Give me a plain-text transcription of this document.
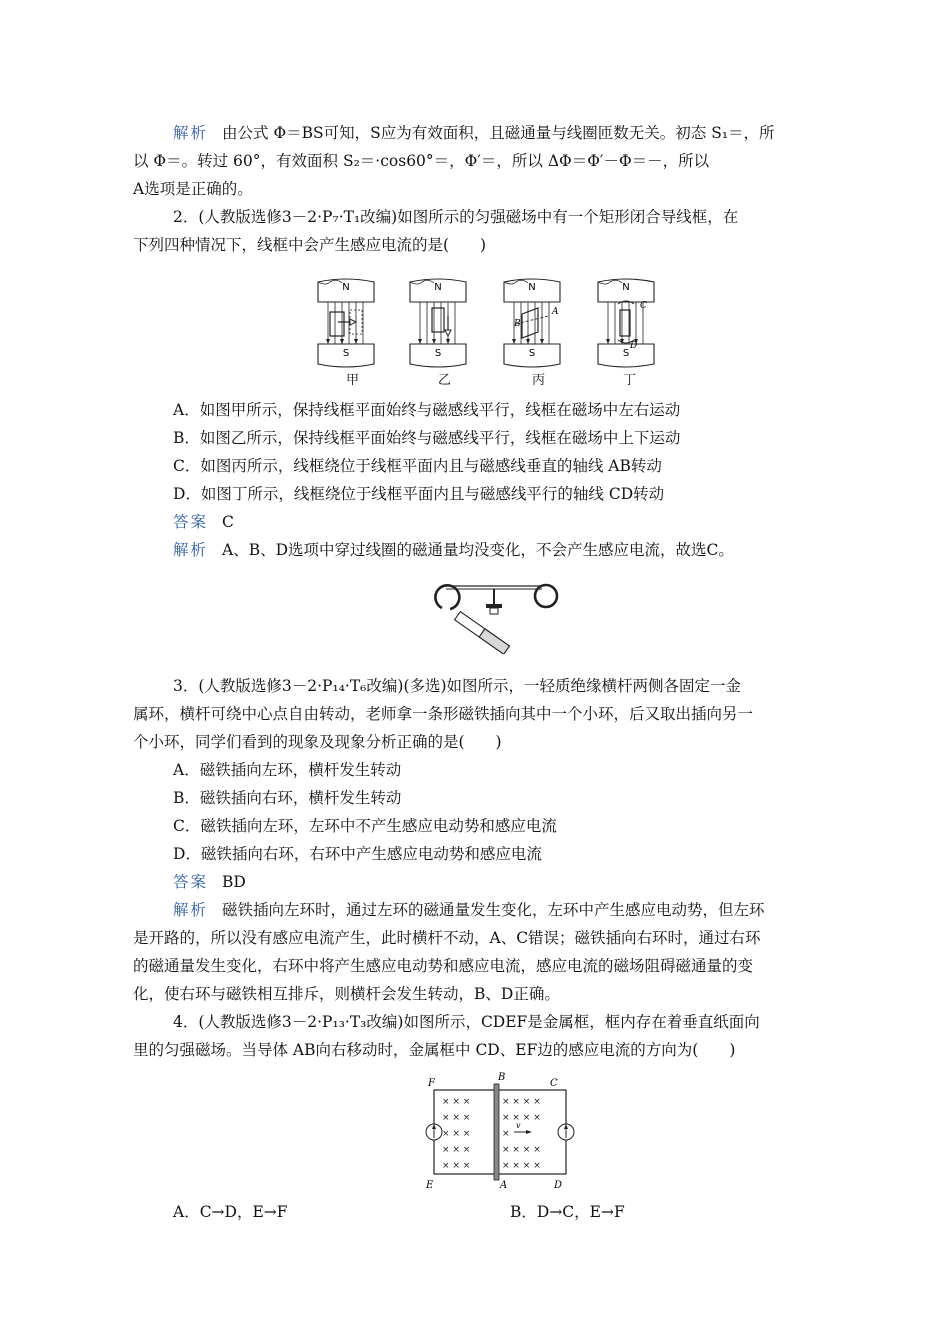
解析 由公式 Φ＝BS可知，S应为有效面积，且磁通量与线圈匝数无关。初态 S₁＝，所
以 Φ＝。转过 60°，有效面积 S₂＝·cos60°＝，Φ′＝，所以 ΔΦ＝Φ′－Φ＝－，所以
A选项是正确的。
2．(人教版选修3－2·P₇·T₁改编)如图所示的匀强磁场中有一个矩形闭合导线框，在
下列四种情况下，线框中会产生感应电流的是(　　)
N	N	N	N
S	S	S	S
B
A
C
D
甲	乙	丙	丁
A．如图甲所示，保持线框平面始终与磁感线平行，线框在磁场中左右运动
B．如图乙所示，保持线框平面始终与磁感线平行，线框在磁场中上下运动
C．如图丙所示，线框绕位于线框平面内且与磁感线垂直的轴线 AB转动
D．如图丁所示，线框绕位于线框平面内且与磁感线平行的轴线 CD转动
答案 C
解析 A、B、D选项中穿过线圈的磁通量均没变化，不会产生感应电流，故选C。
3．(人教版选修3－2·P₁₄·T₆改编)(多选)如图所示，一轻质绝缘横杆两侧各固定一金
属环，横杆可绕中心点自由转动，老师拿一条形磁铁插向其中一个小环，后又取出插向另一
个小环，同学们看到的现象及现象分析正确的是(　　)
A．磁铁插向左环，横杆发生转动
B．磁铁插向右环，横杆发生转动
C．磁铁插向左环，左环中不产生感应电动势和感应电流
D．磁铁插向右环，右环中产生感应电动势和感应电流
答案 BD
解析 磁铁插向左环时，通过左环的磁通量发生变化，左环中产生感应电动势，但左环
是开路的，所以没有感应电流产生，此时横杆不动，A、C错误；磁铁插向右环时，通过右环
的磁通量发生变化，右环中将产生感应电动势和感应电流，感应电流的磁场阻碍磁通量的变
化，使右环与磁铁相互排斥，则横杆会发生转动，B、D正确。
4．(人教版选修3－2·P₁₃·T₃改编)如图所示，CDEF是金属框，框内存在着垂直纸面向
里的匀强磁场。当导体 AB向右移动时，金属框中 CD、EF边的感应电流的方向为(　　)
× × ×
× × ×
× × ×
× × ×
× × ×
× × × ×
× × × ×
× × × ×
× × × ×
×
v
F
B
C
E	A	D
A．C→D，E→F	B．D→C，E→F
